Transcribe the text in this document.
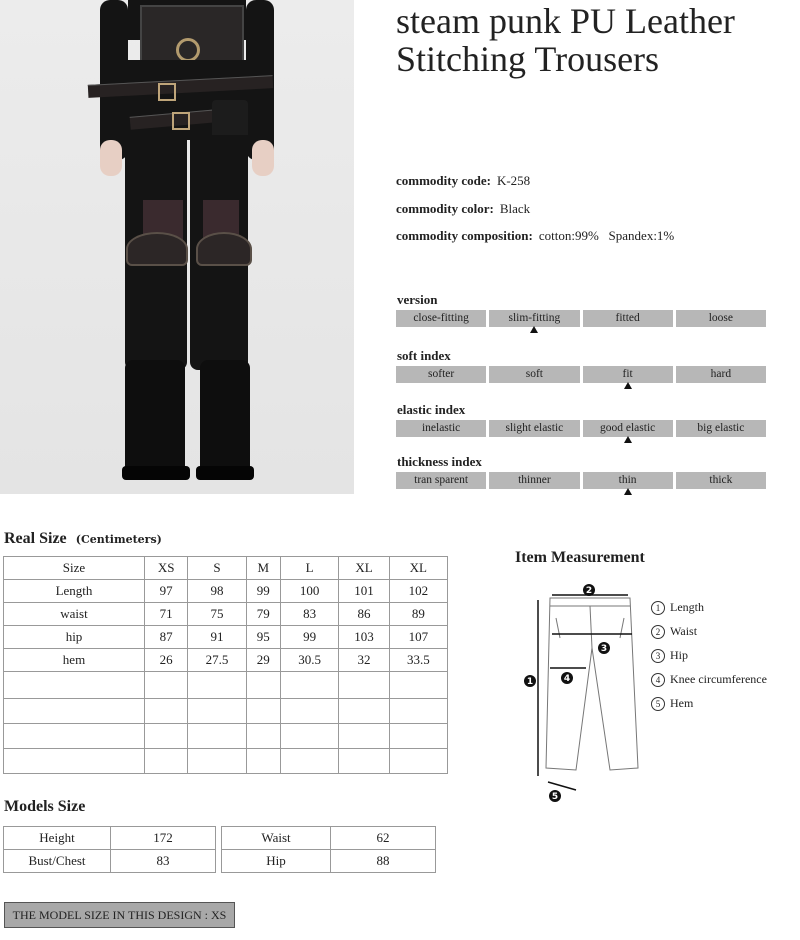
steam punk PU Leather
Stitching Trousers
commodity code: K-258
commodity color: Black
commodity composition: cotton:99%   Spandex:1%
version
close-fitting	slim-fitting	fitted	loose
soft index
softer	soft	fit	hard
elastic index
inelastic	slight elastic	good elastic	big elastic
thickness index
tran sparent	thinner	thin	thick
Real Size (Centimeters)
Size	XS	S	M	L	XL	XL
Length	97	98	99	100	101	102
waist	71	75	79	83	86	89
hip	87	91	95	99	103	107
hem	26	27.5	29	30.5	32	33.5

Item Measurement
2
3
4
1
5
1 Length
2 Waist
3 Hip
4 Knee circumference
5 Hem
Models Size
Height	172
Bust/Chest	83
Waist	62
Hip	88
THE MODEL SIZE IN THIS DESIGN : XS
